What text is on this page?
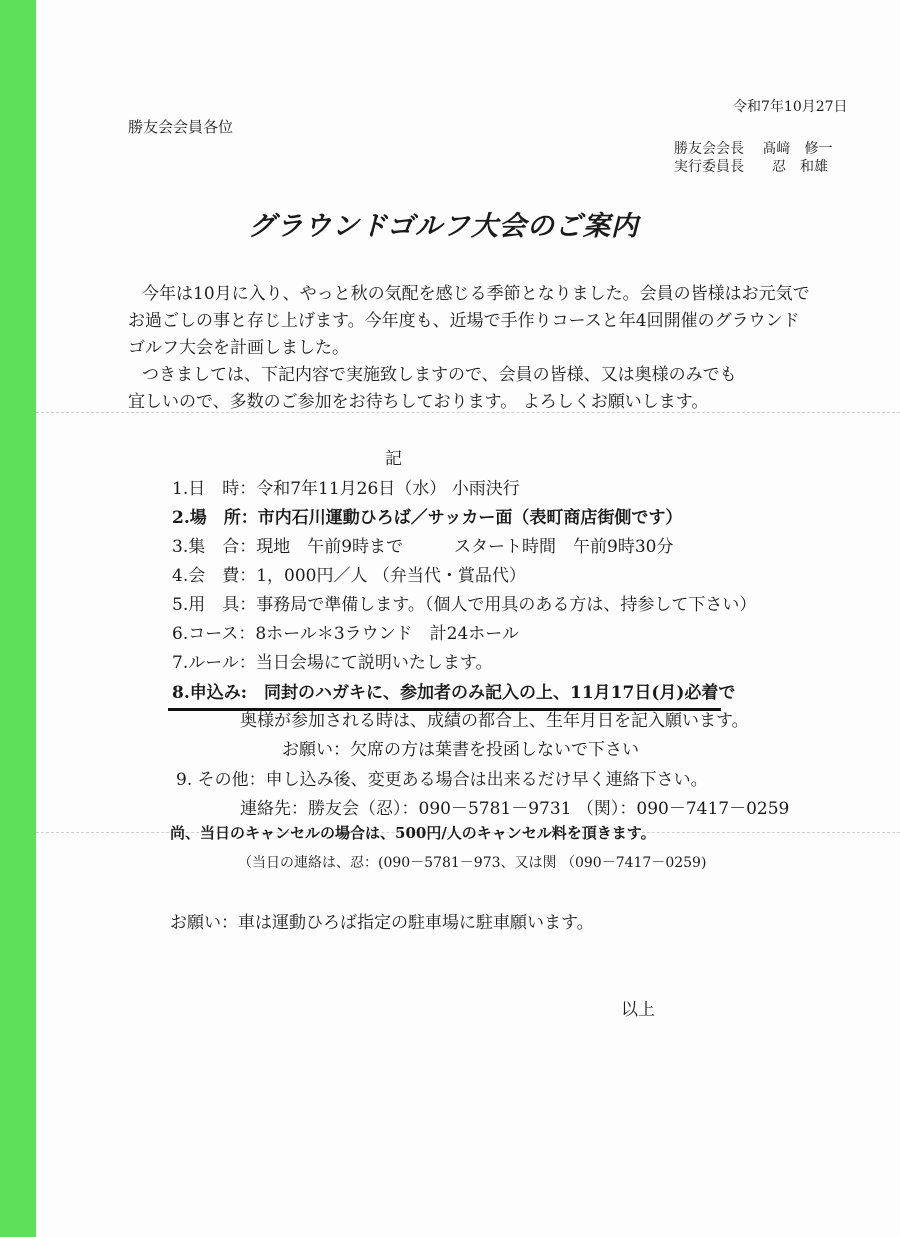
令和7年10月27日
勝友会会員各位
勝友会会長　 髙﨑　修一
実行委員長　　忍　和雄
グラウンドゴルフ大会のご案内
今年は10月に入り、やっと秋の気配を感じる季節となりました。会員の皆様はお元気で
お過ごしの事と存じ上げます。今年度も、近場で手作りコースと年4回開催のグラウンド
ゴルフ大会を計画しました。
つきましては、下記内容で実施致しますので、会員の皆様、又は奥様のみでも
宜しいので、多数のご参加をお待ちしております。 よろしくお願いします。
記
1.日　時：令和7年11月26日（水） 小雨決行
2.場　所：市内石川運動ひろば／サッカー面（表町商店街側です）
3.集　合：現地　午前9時まで　　　スタート時間　午前9時30分
4.会　費：1，000円／人 （弁当代・賞品代）
5.用　具：事務局で準備します。（個人で用具のある方は、持参して下さい）
6.コース：8ホール＊3ラウンド　計24ホール
7.ルール：当日会場にて説明いたします。
8.申込み:　同封のハガキに、参加者のみ記入の上、11月17日(月)必着で
奥様が参加される時は、成績の都合上、生年月日を記入願います。
お願い：欠席の方は葉書を投函しないで下さい
9. その他：申し込み後、変更ある場合は出来るだけ早く連絡下さい。
連絡先：勝友会（忍）：090－5781－9731 （関）：090－7417－0259
尚、当日のキャンセルの場合は、500円/人のキャンセル料を頂きます。
（当日の連絡は、忍：(090－5781－973、又は関 （090－7417－0259)
お願い：車は運動ひろば指定の駐車場に駐車願います。
以上
